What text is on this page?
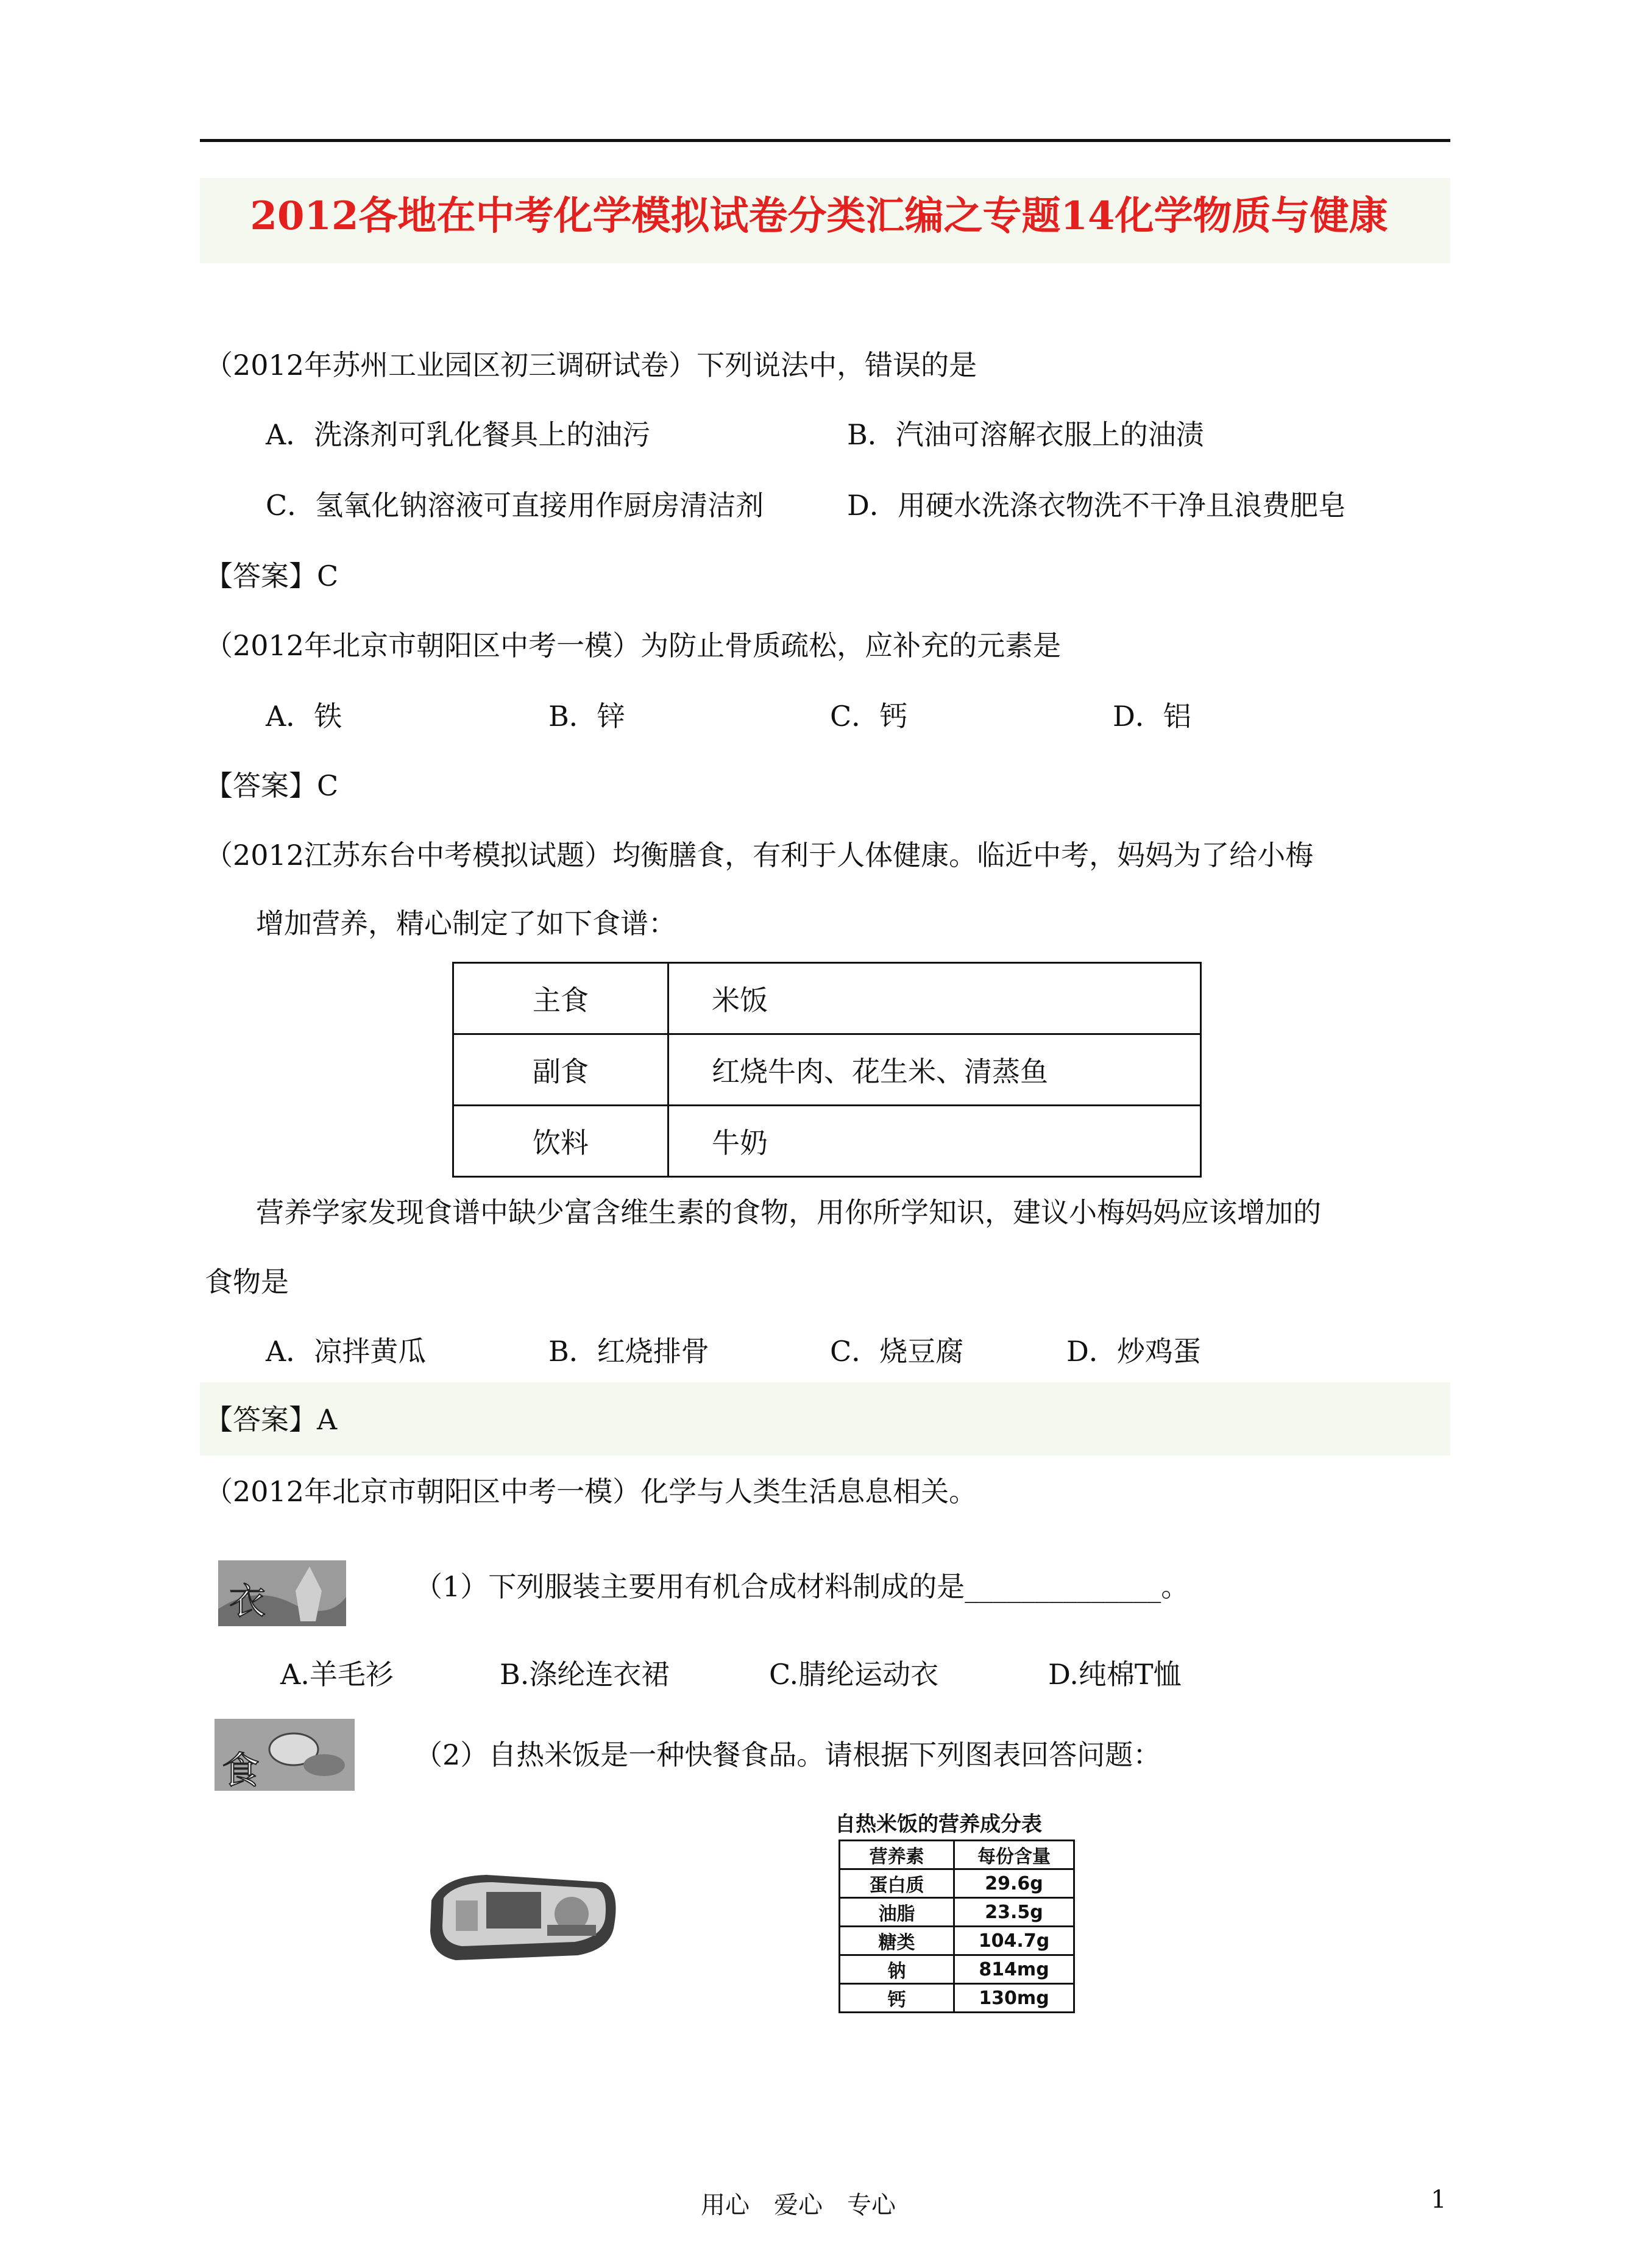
2012各地在中考化学模拟试卷分类汇编之专题14化学物质与健康
（2012年苏州工业园区初三调研试卷）下列说法中，错误的是
A．洗涤剂可乳化餐具上的油污	B．汽油可溶解衣服上的油渍
C．氢氧化钠溶液可直接用作厨房清洁剂	D．用硬水洗涤衣物洗不干净且浪费肥皂
【答案】C
（2012年北京市朝阳区中考一模）为防止骨质疏松，应补充的元素是
A．铁	B．锌	C．钙	D．铝
【答案】C
（2012江苏东台中考模拟试题）均衡膳食，有利于人体健康。临近中考，妈妈为了给小梅
增加营养，精心制定了如下食谱：
主食	米饭
副食	红烧牛肉、花生米、清蒸鱼
饮料	牛奶
营养学家发现食谱中缺少富含维生素的食物，用你所学知识，建议小梅妈妈应该增加的
食物是
A．凉拌黄瓜	B．红烧排骨	C．烧豆腐	D．炒鸡蛋
【答案】A
（2012年北京市朝阳区中考一模）化学与人类生活息息相关。
衣	（1）下列服装主要用有机合成材料制成的是______________。
A.羊毛衫	B.涤纶连衣裙	C.腈纶运动衣	D.纯棉T恤
食	（2）自热米饭是一种快餐食品。请根据下列图表回答问题：
自热米饭的营养成分表
营养素	每份含量
蛋白质	29.6g
油脂	23.5g
糖类	104.7g
钠	814mg
钙	130mg
用心　爱心　专心	1
